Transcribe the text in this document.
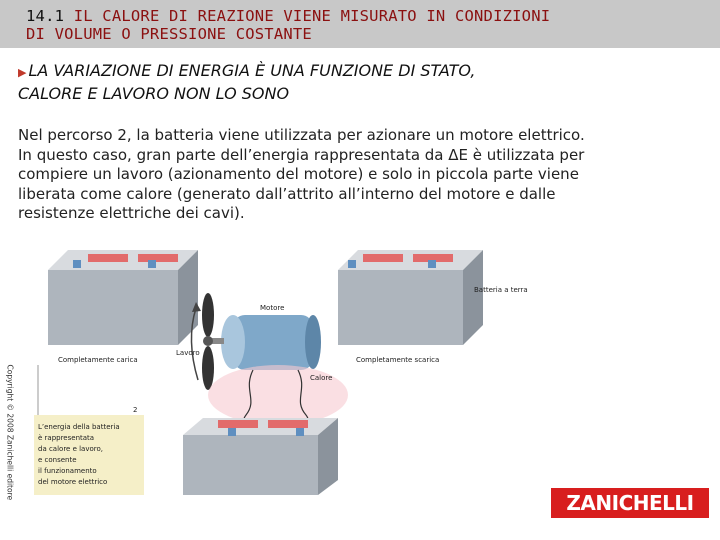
14.1 IL CALORE DI REAZIONE VIENE MISURATO IN CONDIZIONI
DI VOLUME O PRESSIONE COSTANTE
▶ LA VARIAZIONE DI ENERGIA È UNA FUNZIONE DI STATO,
CALORE E LAVORO NON LO SONO
Nel percorso 2, la batteria viene utilizzata per azionare un motore elettrico.
In questo caso, gran parte dell’energia rappresentata da ΔE è utilizzata per
compiere un lavoro (azionamento del motore) e solo in piccola parte viene
liberata come calore (generato dall’attrito all’interno del motore e dalle
resistenze elettriche dei cavi).
Completamente carica
Batteria a terra
Completamente scarica
Motore
Lavoro
Calore
2
L’energia della batteria
è rappresentata
da calore e lavoro,
e consente
il funzionamento
del motore elettrico
Copyright © 2008 Zanichelli editore
ZANICHELLI
